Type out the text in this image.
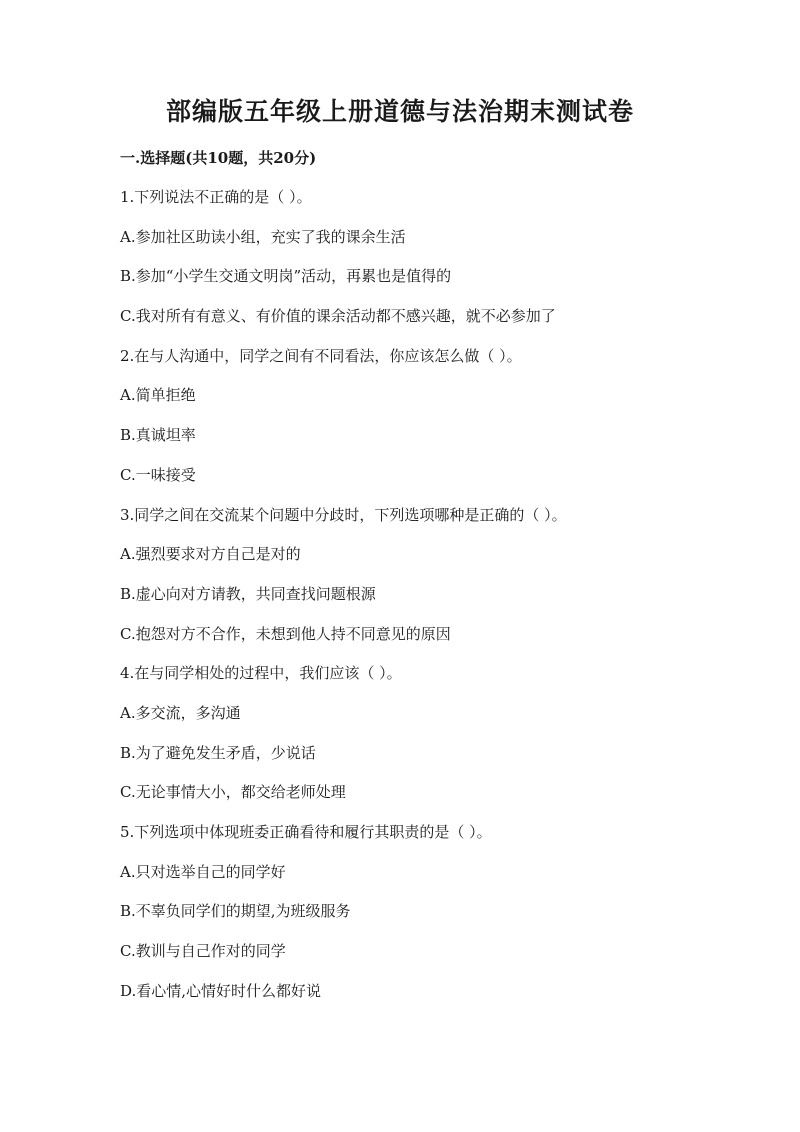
部编版五年级上册道德与法治期末测试卷
一.选择题(共10题，共20分)
1.下列说法不正确的是（ ）。
A.参加社区助读小组，充实了我的课余生活
B.参加“小学生交通文明岗”活动，再累也是值得的
C.我对所有有意义、有价值的课余活动都不感兴趣，就不必参加了
2.在与人沟通中，同学之间有不同看法，你应该怎么做（ ）。
A.简单拒绝
B.真诚坦率
C.一味接受
3.同学之间在交流某个问题中分歧时，下列选项哪种是正确的（ ）。
A.强烈要求对方自己是对的
B.虚心向对方请教，共同查找问题根源
C.抱怨对方不合作，未想到他人持不同意见的原因
4.在与同学相处的过程中，我们应该（ ）。
A.多交流，多沟通
B.为了避免发生矛盾，少说话
C.无论事情大小，都交给老师处理
5.下列选项中体现班委正确看待和履行其职责的是（ ）。
A.只对选举自己的同学好
B.不辜负同学们的期望,为班级服务
C.教训与自己作对的同学
D.看心情,心情好时什么都好说
